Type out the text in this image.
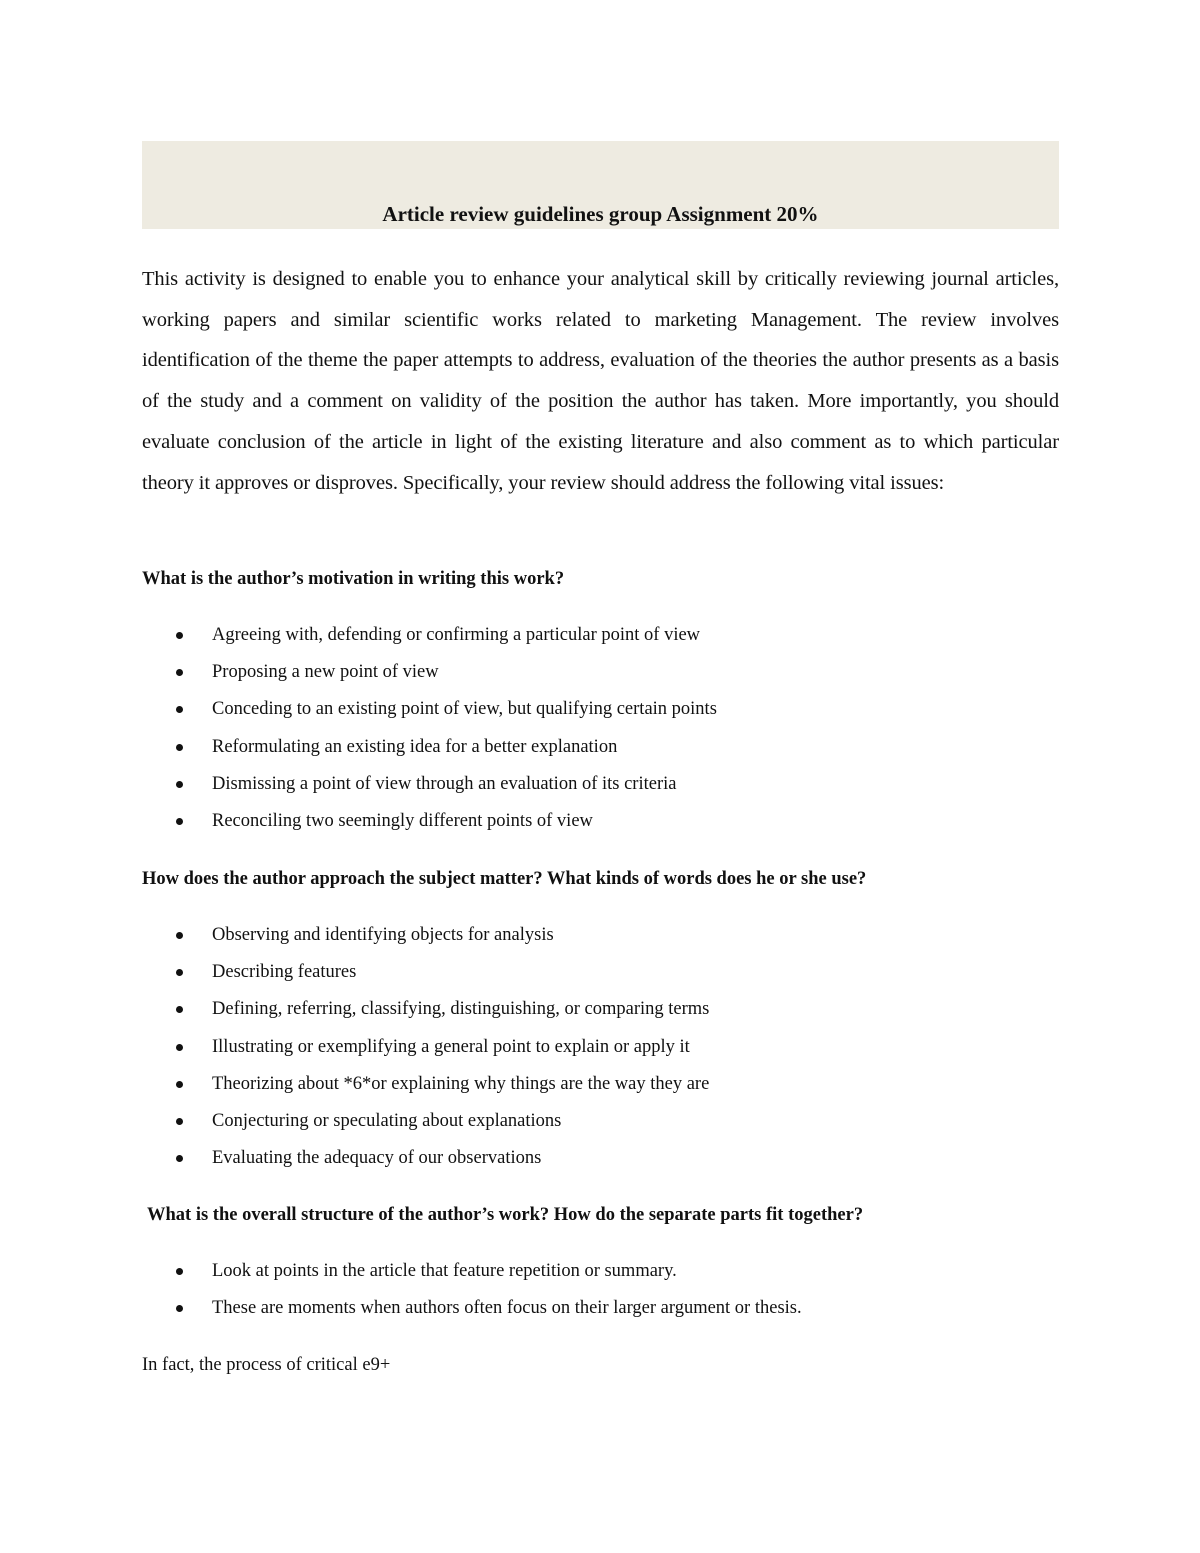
Article review guidelines group Assignment 20%

This activity is designed to enable you to enhance your analytical skill by critically reviewing journal articles, working papers and similar scientific works related to marketing Management. The review involves identification of the theme the paper attempts to address, evaluation of the theories the author presents as a basis of the study and a comment on validity of the position the author has taken. More importantly, you should evaluate conclusion of the article in light of the existing literature and also comment as to which particular theory it approves or disproves. Specifically, your review should address the following vital issues:

What is the author’s motivation in writing this work?

Agreeing with, defending or confirming a particular point of view
Proposing a new point of view
Conceding to an existing point of view, but qualifying certain points
Reformulating an existing idea for a better explanation
Dismissing a point of view through an evaluation of its criteria
Reconciling two seemingly different points of view

How does the author approach the subject matter? What kinds of words does he or she use?

Observing and identifying objects for analysis
Describing features
Defining, referring, classifying, distinguishing, or comparing terms
Illustrating or exemplifying a general point to explain or apply it
Theorizing about *6*or explaining why things are the way they are
Conjecturing or speculating about explanations
Evaluating the adequacy of our observations

What is the overall structure of the author’s work? How do the separate parts fit together?

Look at points in the article that feature repetition or summary.
These are moments when authors often focus on their larger argument or thesis.

In fact, the process of critical e9+
